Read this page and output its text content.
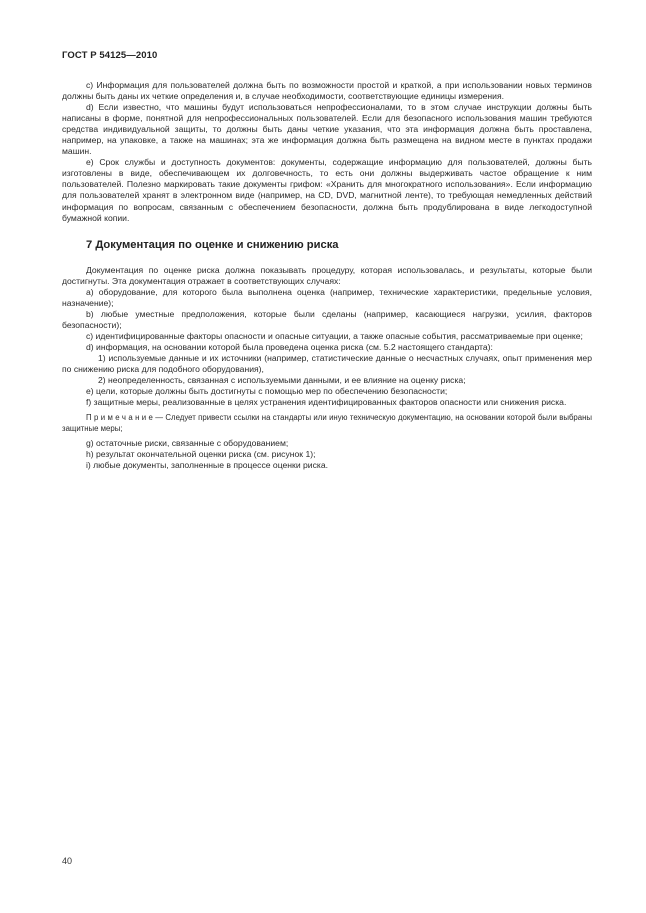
ГОСТ Р 54125—2010

c) Информация для пользователей должна быть по возможности простой и краткой, а при использовании новых терминов должны быть даны их четкие определения и, в случае необходимости, соответствующие единицы измерения.

d) Если известно, что машины будут использоваться непрофессионалами, то в этом случае инструкции должны быть написаны в форме, понятной для непрофессиональных пользователей. Если для безопасного использования машин требуются средства индивидуальной защиты, то должны быть даны четкие указания, что эта информация должна быть проставлена, например, на упаковке, а также на машинах; эта же информация должна быть размещена на видном месте в пунктах продажи машин.

e) Срок службы и доступность документов: документы, содержащие информацию для пользователей, должны быть изготовлены в виде, обеспечивающем их долговечность, то есть они должны выдерживать частое обращение к ним пользователей. Полезно маркировать такие документы грифом: «Хранить для многократного использования». Если информацию для пользователей хранят в электронном виде (например, на CD, DVD, магнитной ленте), то требующая немедленных действий информация по вопросам, связанным с обеспечением безопасности, должна быть продублирована в виде легкодоступной бумажной копии.

7 Документация по оценке и снижению риска

Документация по оценке риска должна показывать процедуру, которая использовалась, и результаты, которые были достигнуты. Эта документация отражает в соответствующих случаях:

a) оборудование, для которого была выполнена оценка (например, технические характеристики, предельные условия, назначение);

b) любые уместные предположения, которые были сделаны (например, касающиеся нагрузки, усилия, факторов безопасности);

c) идентифицированные факторы опасности и опасные ситуации, а также опасные события, рассматриваемые при оценке;

d) информация, на основании которой была проведена оценка риска (см. 5.2 настоящего стандарта):

1) используемые данные и их источники (например, статистические данные о несчастных случаях, опыт применения мер по снижению риска для подобного оборудования),

2) неопределенность, связанная с используемыми данными, и ее влияние на оценку риска;

e) цели, которые должны быть достигнуты с помощью мер по обеспечению безопасности;

f) защитные меры, реализованные в целях устранения идентифицированных факторов опасности или снижения риска.

П р и м е ч а н и е — Следует привести ссылки на стандарты или иную техническую документацию, на основании которой были выбраны защитные меры;

g) остаточные риски, связанные с оборудованием;

h) результат окончательной оценки риска (см. рисунок 1);

i) любые документы, заполненные в процессе оценки риска.

40
